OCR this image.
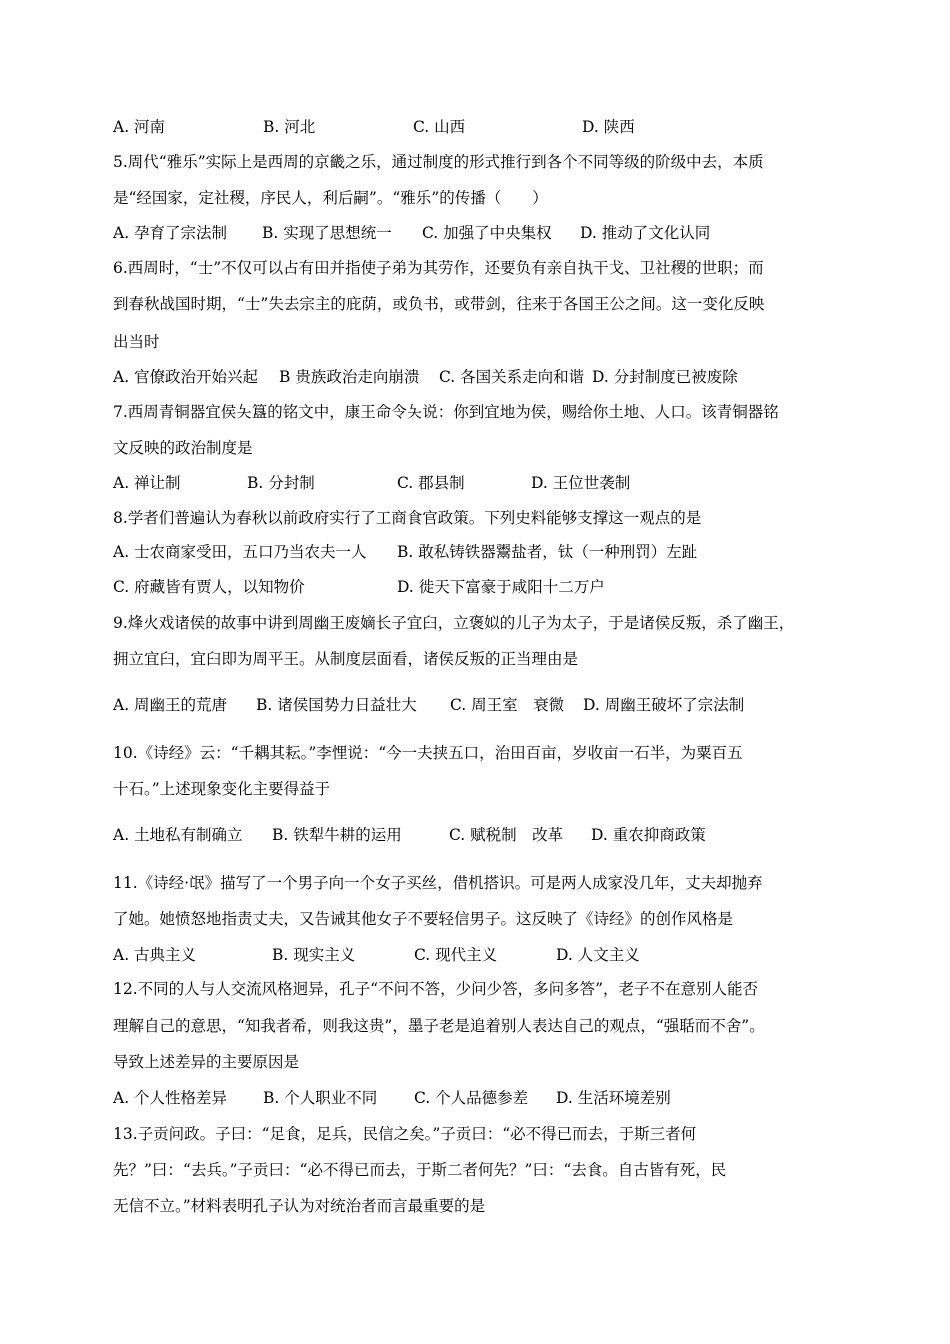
A. 河南	B. 河北	C. 山西	D. 陕西
5.周代“雅乐”实际上是西周的京畿之乐，通过制度的形式推行到各个不同等级的阶级中去，本质
是“经国家，定社稷，序民人，利后嗣”。“雅乐”的传播（　　）
A. 孕育了宗法制 B. 实现了思想统一 C. 加强了中央集权 D. 推动了文化认同
6.西周时，“士”不仅可以占有田并指使子弟为其劳作，还要负有亲自执干戈、卫社稷的世职；而
到春秋战国时期，“士”失去宗主的庇荫，或负书，或带剑，往来于各国王公之间。这一变化反映
出当时
A. 官僚政治开始兴起 B 贵族政治走向崩溃 C. 各国关系走向和谐 D. 分封制度已被废除
7.西周青铜器宜侯夨簋的铭文中，康王命令夨说：你到宜地为侯，赐给你土地、人口。该青铜器铭
文反映的政治制度是
A. 禅让制	B. 分封制	C. 郡县制	D. 王位世袭制
8.学者们普遍认为春秋以前政府实行了工商食官政策。下列史料能够支撑这一观点的是
A. 士农商家受田，五口乃当农夫一人 B. 敢私铸铁器鬻盐者，钛（一种刑罚）左趾
C. 府藏皆有贾人，以知物价	D. 徙天下富豪于咸阳十二万户
9.烽火戏诸侯的故事中讲到周幽王废嫡长子宜臼，立褒姒的儿子为太子，于是诸侯反叛，杀了幽王，
拥立宜臼，宜臼即为周平王。从制度层面看，诸侯反叛的正当理由是
A. 周幽王的荒唐 B. 诸侯国势力日益壮大 C. 周王室　衰微 D. 周幽王破坏了宗法制
10.《诗经》云：“千耦其耘。”李悝说：“今一夫挟五口，治田百亩，岁收亩一石半，为粟百五
十石。”上述现象变化主要得益于
A. 土地私有制确立 B. 铁犁牛耕的运用	C. 赋税制　改革 D. 重农抑商政策
11.《诗经·氓》描写了一个男子向一个女子买丝，借机搭识。可是两人成家没几年，丈夫却抛弃
了她。她愤怒地指责丈夫，又告诫其他女子不要轻信男子。这反映了《诗经》的创作风格是
A. 古典主义	B. 现实主义	C. 现代主义	D. 人文主义
12.不同的人与人交流风格迥异，孔子“不问不答，少问少答，多问多答”，老子不在意别人能否
理解自己的意思，“知我者希，则我这贵”，墨子老是追着别人表达自己的观点，“强聒而不舍”。
导致上述差异的主要原因是
A. 个人性格差异 B. 个人职业不同 C. 个人品德参差 D. 生活环境差别
13.子贡问政。子曰：“足食，足兵，民信之矣。”子贡曰：“必不得已而去，于斯三者何
先？”曰：“去兵。”子贡曰：“必不得已而去，于斯二者何先？”曰：“去食。自古皆有死，民
无信不立。”材料表明孔子认为对统治者而言最重要的是
